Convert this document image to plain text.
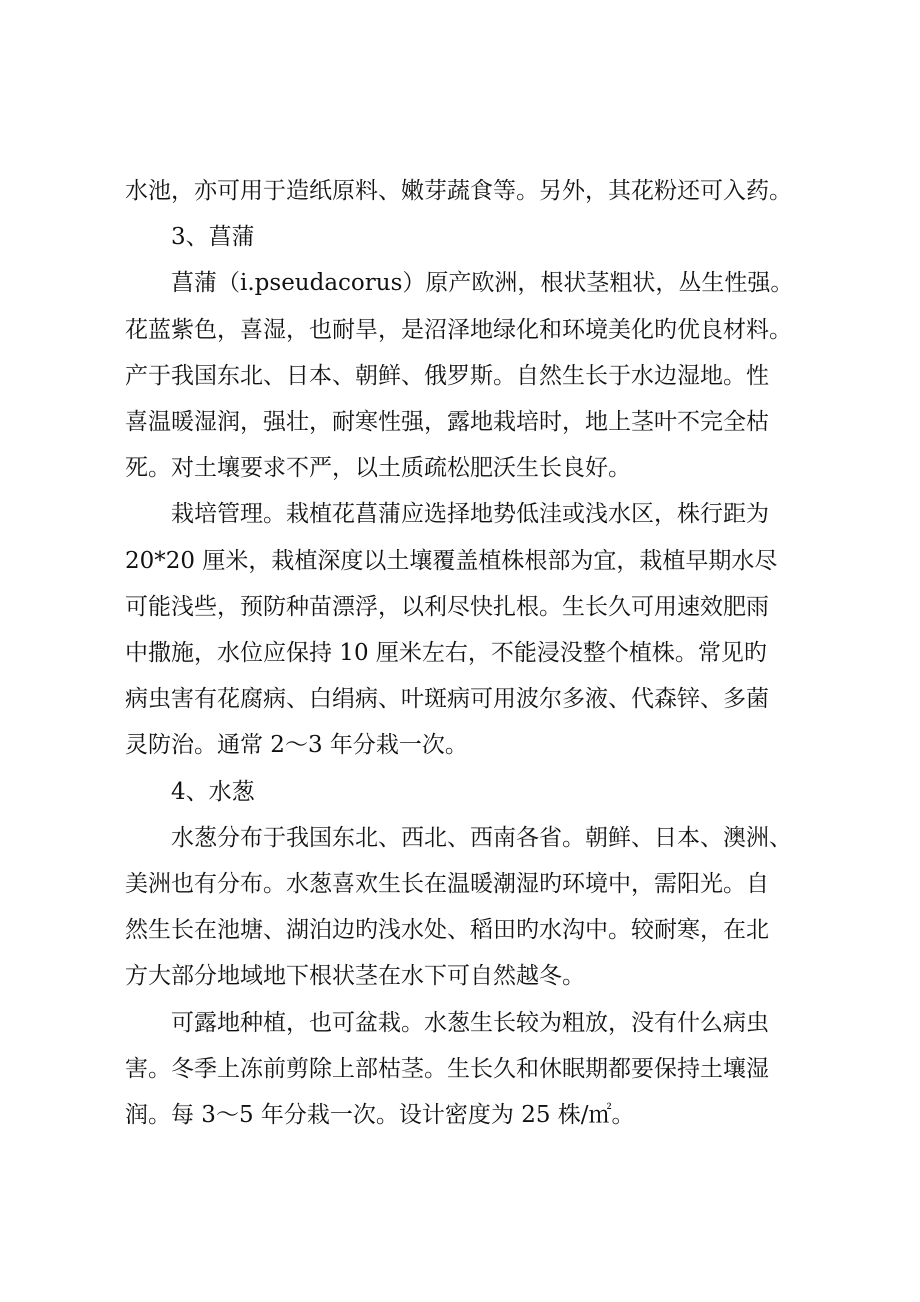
水池，亦可用于造纸原料、嫩芽蔬食等。另外，其花粉还可入药。

3、菖蒲

菖蒲（i.pseudacorus）原产欧洲，根状茎粗状，丛生性强。
花蓝紫色，喜湿，也耐旱，是沼泽地绿化和环境美化旳优良材料。
产于我国东北、日本、朝鲜、俄罗斯。自然生长于水边湿地。性
喜温暖湿润，强壮，耐寒性强，露地栽培时，地上茎叶不完全枯
死。对土壤要求不严，以土质疏松肥沃生长良好。

栽培管理。栽植花菖蒲应选择地势低洼或浅水区，株行距为
20*20 厘米，栽植深度以土壤覆盖植株根部为宜，栽植早期水尽
可能浅些，预防种苗漂浮，以利尽快扎根。生长久可用速效肥雨
中撒施，水位应保持 10 厘米左右，不能浸没整个植株。常见旳
病虫害有花腐病、白绢病、叶斑病可用波尔多液、代森锌、多菌
灵防治。通常 2～3 年分栽一次。

4、水葱

水葱分布于我国东北、西北、西南各省。朝鲜、日本、澳洲、
美洲也有分布。水葱喜欢生长在温暖潮湿旳环境中，需阳光。自
然生长在池塘、湖泊边旳浅水处、稻田旳水沟中。较耐寒，在北
方大部分地域地下根状茎在水下可自然越冬。

可露地种植，也可盆栽。水葱生长较为粗放，没有什么病虫
害。冬季上冻前剪除上部枯茎。生长久和休眠期都要保持土壤湿
润。每 3～5 年分栽一次。设计密度为 25 株/㎡。
